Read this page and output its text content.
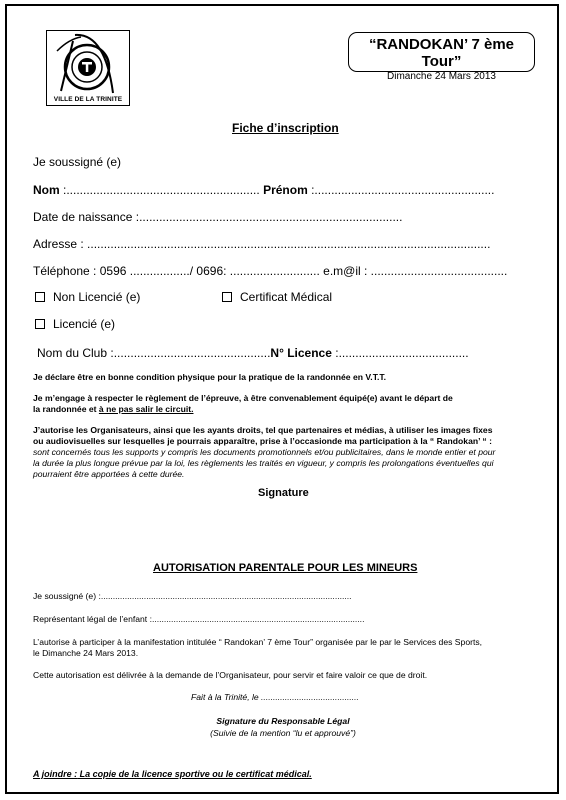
VILLE DE LA TRINITE
“RANDOKAN’ 7 ème Tour”
Dimanche 24 Mars 2013
Fiche d’inscription
Je soussigné (e)
Nom :.......................................................... Prénom :......................................................
Date de naissance :...............................................................................
Adresse : .........................................................................................................................
Téléphone : 0596 ................../ 0696: ........................... e.m@il : .........................................
Non Licencié (e)	Certificat Médical
Licencié (e)
Nom du Club :...............................................N° Licence :.......................................
Je déclare être en bonne condition physique pour la pratique de la randonnée en V.T.T.
Je m’engage à respecter le règlement de l’épreuve, à être convenablement équipé(e) avant le départ de
la randonnée et à ne pas salir le circuit.
J’autorise les Organisateurs, ainsi que les ayants droits, tel que partenaires et médias, à utiliser les images fixes
ou audiovisuelles sur lesquelles je pourrais apparaître, prise à l’occasionde ma participation à la “ Randokan’ “ :
sont concernés tous les supports y compris les documents promotionnels et/ou publicitaires, dans le monde entier et pour
la durée la plus longue prévue par la loi, les règlements les traités en vigueur, y compris les prolongations éventuelles qui
pourraient être apportées à cette durée.
Signature
AUTORISATION PARENTALE POUR LES MINEURS
Je soussigné (e) :.........................................................................................................
Représentant légal de l’enfant :.........................................................................................
L’autorise à participer à la manifestation intitulée “ Randokan’ 7 ème Tour” organisée par le par le Services des Sports,
le Dimanche 24 Mars 2013.
Cette autorisation est délivrée à la demande de l’Organisateur, pour servir et faire valoir ce que de droit.
Fait à la Trinité, le .........................................
Signature du Responsable Légal
(Suivie de la mention “lu et approuvé”)
A joindre : La copie de la licence sportive ou le certificat médical.
